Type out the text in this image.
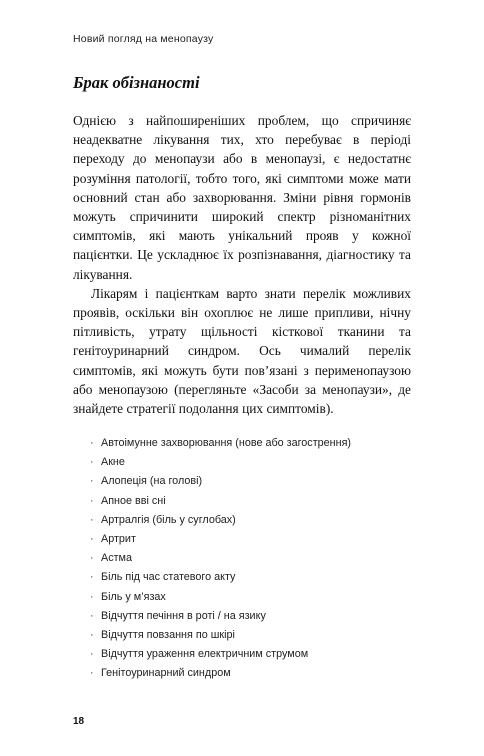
Новий погляд на менопаузу
Брак обізнаності

Однією з найпоширеніших проблем, що спричиняє неадекватне лікування тих, хто перебуває в періоді переходу до менопаузи або в менопаузі, є недостатнє розуміння патології, тобто того, які симптоми може мати основний стан або захворювання. Зміни рівня гормонів можуть спричинити широкий спектр різноманітних симптомів, які мають унікальний прояв у кожної пацієнтки. Це ускладнює їх розпізнавання, діагностику та лікування.

Лікарям і пацієнткам варто знати перелік можливих проявів, оскільки він охоплює не лише припливи, нічну пітливість, утрату щільності кісткової тканини та генітоуринарний синдром. Ось чималий перелік симптомів, які можуть бути пов’язані з перименопаузою або менопаузою (перегляньте «Засоби за менопаузи», де знайдете стратегії подолання цих симптомів).

· Автоімунне захворювання (нове або загострення)
· Акне
· Алопеція (на голові)
· Апное вві сні
· Артралгія (біль у суглобах)
· Артрит
· Астма
· Біль під час статевого акту
· Біль у м’язах
· Відчуття печіння в роті / на язику
· Відчуття повзання по шкірі
· Відчуття ураження електричним струмом
· Генітоуринарний синдром
18
